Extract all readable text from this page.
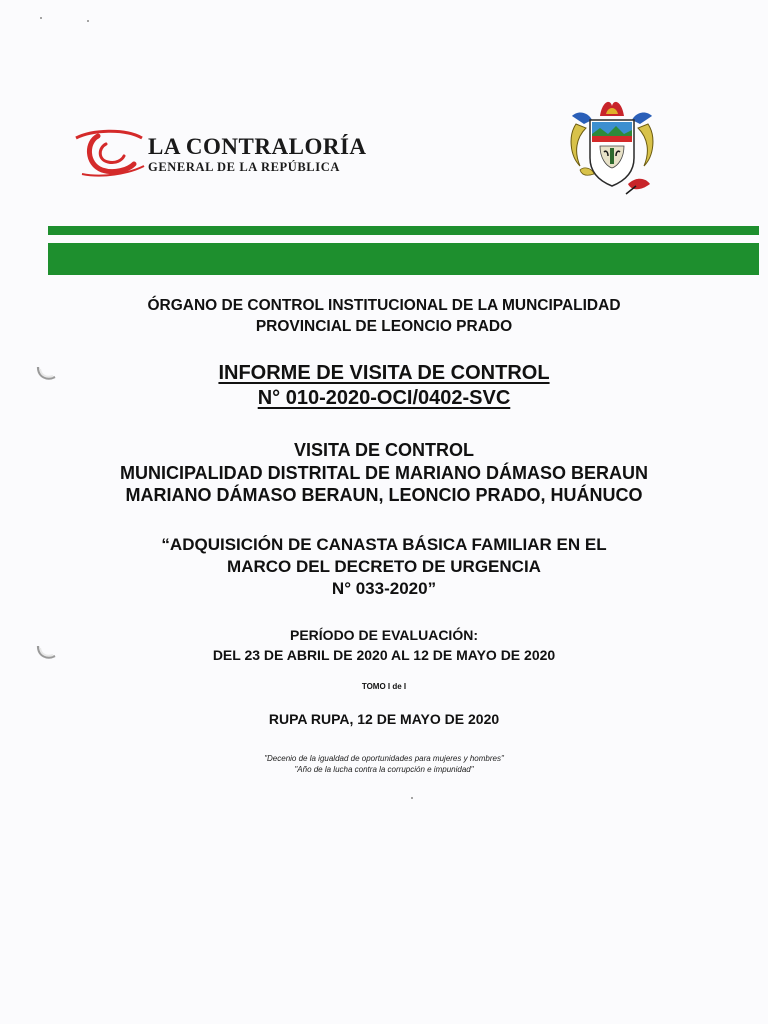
LA CONTRALORÍA
GENERAL DE LA REPÚBLICA
ÓRGANO DE CONTROL INSTITUCIONAL DE LA MUNCIPALIDAD
PROVINCIAL DE LEONCIO PRADO
INFORME DE VISITA DE CONTROL
N° 010-2020-OCI/0402-SVC
VISITA DE CONTROL
MUNICIPALIDAD DISTRITAL DE MARIANO DÁMASO BERAUN
MARIANO DÁMASO BERAUN, LEONCIO PRADO, HUÁNUCO
“ADQUISICIÓN DE CANASTA BÁSICA FAMILIAR EN EL
MARCO DEL DECRETO DE URGENCIA
N° 033-2020”
PERÍODO DE EVALUACIÓN:
DEL 23 DE ABRIL DE 2020 AL 12 DE MAYO DE 2020
TOMO I de I
RUPA RUPA, 12 DE MAYO DE 2020
"Decenio de la igualdad de oportunidades para mujeres y hombres"
"Año de la lucha contra la corrupción e impunidad"
